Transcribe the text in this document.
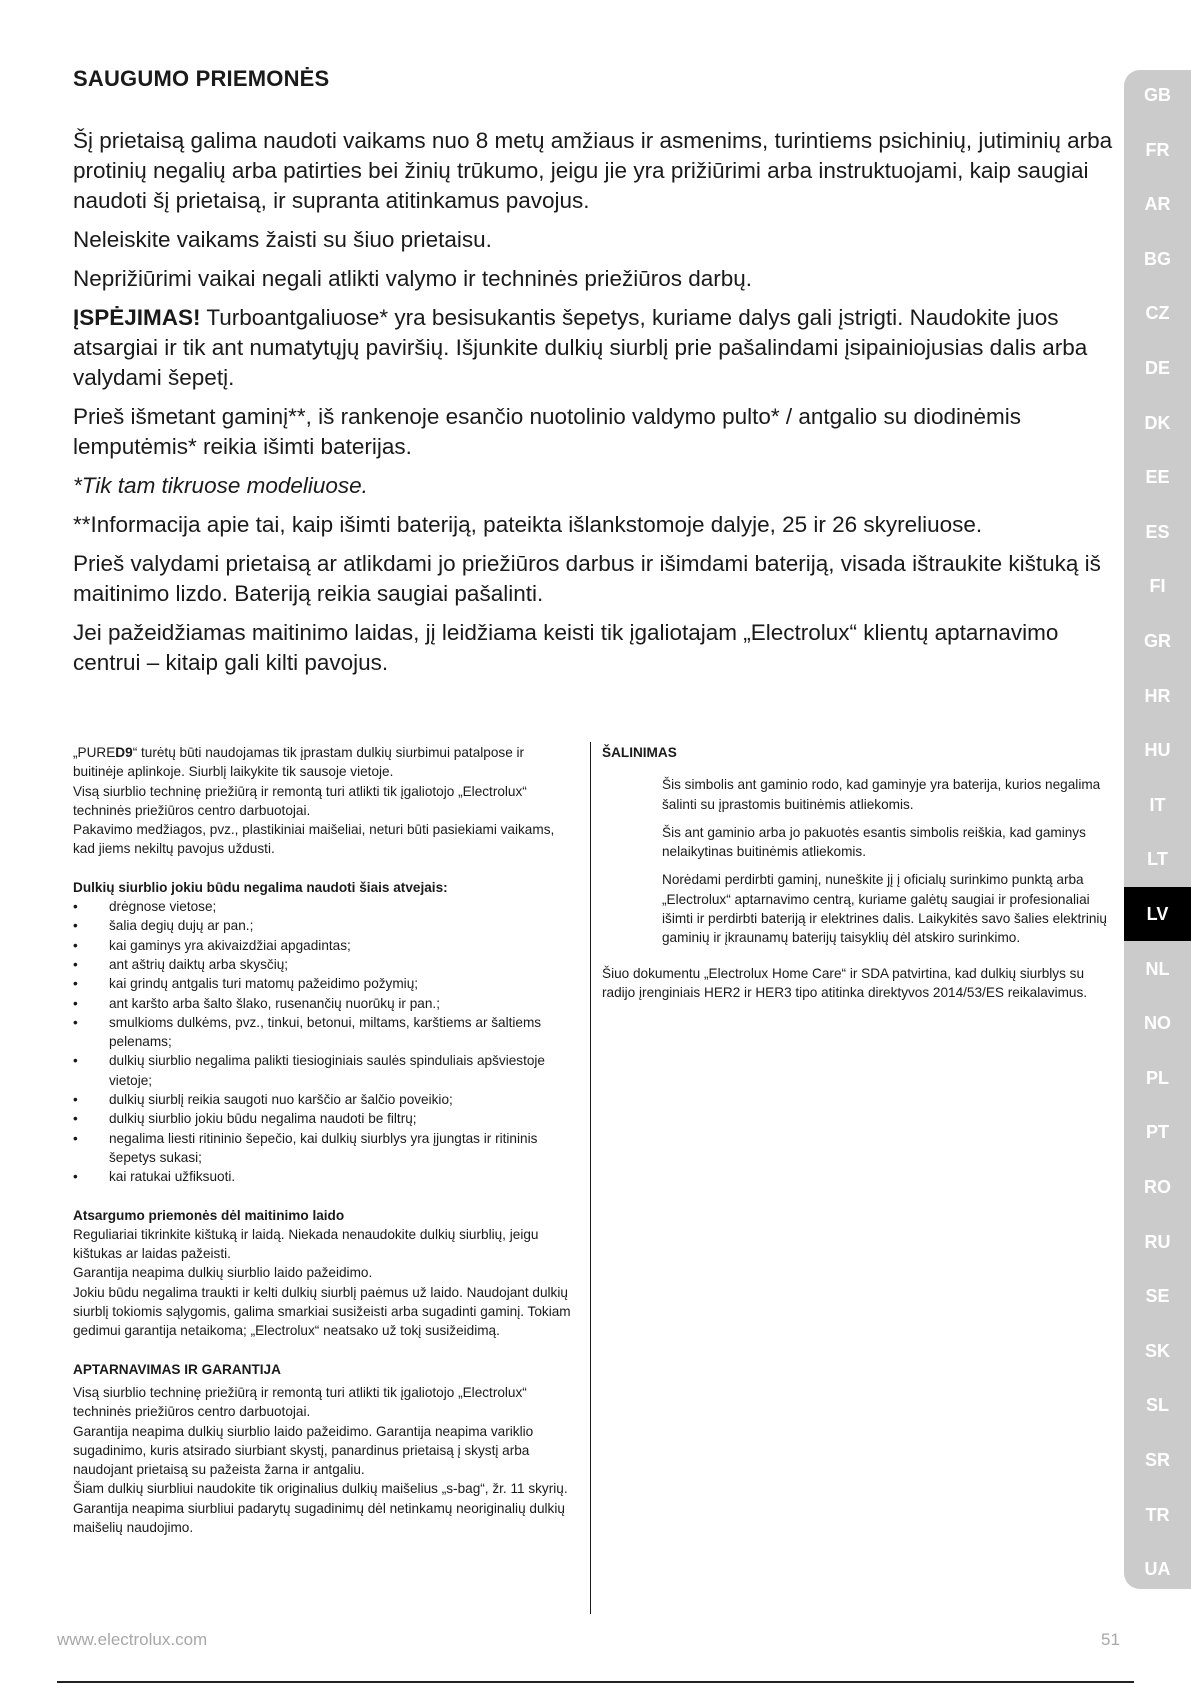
SAUGUMO PRIEMONĖS

Šį prietaisą galima naudoti vaikams nuo 8 metų amžiaus ir asmenims, turintiems psichinių, jutiminių arba protinių negalių arba patirties bei žinių trūkumo, jeigu jie yra prižiūrimi arba instruktuojami, kaip saugiai naudoti šį prietaisą, ir supranta atitinkamus pavojus.

Neleiskite vaikams žaisti su šiuo prietaisu.

Neprižiūrimi vaikai negali atlikti valymo ir techninės priežiūros darbų.

ĮSPĖJIMAS! Turboantgaliuose* yra besisukantis šepetys, kuriame dalys gali įstrigti. Naudokite juos atsargiai ir tik ant numatytųjų paviršių. Išjunkite dulkių siurblį prie pašalindami įsipainiojusias dalis arba valydami šepetį.

Prieš išmetant gaminį**, iš rankenoje esančio nuotolinio valdymo pulto* / antgalio su diodinėmis lemputėmis* reikia išimti baterijas.

*Tik tam tikruose modeliuose.

**Informacija apie tai, kaip išimti bateriją, pateikta išlankstomoje dalyje, 25 ir 26 skyreliuose.

Prieš valydami prietaisą ar atlikdami jo priežiūros darbus ir išimdami bateriją, visada ištraukite kištuką iš maitinimo lizdo. Bateriją reikia saugiai pašalinti.

Jei pažeidžiamas maitinimo laidas, jį leidžiama keisti tik įgaliotajam „Electrolux“ klientų aptarnavimo centrui – kitaip gali kilti pavojus.

„PURED9“ turėtų būti naudojamas tik įprastam dulkių siurbimui patalpose ir buitinėje aplinkoje. Siurblį laikykite tik sausoje vietoje.

Visą siurblio techninę priežiūrą ir remontą turi atlikti tik įgaliotojo „Electrolux“ techninės priežiūros centro darbuotojai.

Pakavimo medžiagos, pvz., plastikiniai maišeliai, neturi būti pasiekiami vaikams, kad jiems nekiltų pavojus uždusti.

Dulkių siurblio jokiu būdu negalima naudoti šiais atvejais:

• drėgnose vietose;
• šalia degių dujų ar pan.;
• kai gaminys yra akivaizdžiai apgadintas;
• ant aštrių daiktų arba skysčių;
• kai grindų antgalis turi matomų pažeidimo požymių;
• ant karšto arba šalto šlako, rusenančių nuorūkų ir pan.;
• smulkioms dulkėms, pvz., tinkui, betonui, miltams, karštiems ar šaltiems pelenams;
• dulkių siurblio negalima palikti tiesioginiais saulės spinduliais apšviestoje vietoje;
• dulkių siurblį reikia saugoti nuo karščio ar šalčio poveikio;
• dulkių siurblio jokiu būdu negalima naudoti be filtrų;
• negalima liesti ritininio šepečio, kai dulkių siurblys yra įjungtas ir ritininis šepetys sukasi;
• kai ratukai užfiksuoti.

Atsargumo priemonės dėl maitinimo laido

Reguliariai tikrinkite kištuką ir laidą. Niekada nenaudokite dulkių siurblių, jeigu kištukas ar laidas pažeisti.

Garantija neapima dulkių siurblio laido pažeidimo.

Jokiu būdu negalima traukti ir kelti dulkių siurblį paėmus už laido. Naudojant dulkių siurblį tokiomis sąlygomis, galima smarkiai susižeisti arba sugadinti gaminį. Tokiam gedimui garantija netaikoma; „Electrolux“ neatsako už tokį susižeidimą.

APTARNAVIMAS IR GARANTIJA

Visą siurblio techninę priežiūrą ir remontą turi atlikti tik įgaliotojo „Electrolux“ techninės priežiūros centro darbuotojai.

Garantija neapima dulkių siurblio laido pažeidimo. Garantija neapima variklio sugadinimo, kuris atsirado siurbiant skystį, panardinus prietaisą į skystį arba naudojant prietaisą su pažeista žarna ir antgaliu.

Šiam dulkių siurbliui naudokite tik originalius dulkių maišelius „s-bag“, žr. 11 skyrių. Garantija neapima siurbliui padarytų sugadinimų dėl netinkamų neoriginalių dulkių maišelių naudojimo.

ŠALINIMAS

Šis simbolis ant gaminio rodo, kad gaminyje yra baterija, kurios negalima šalinti su įprastomis buitinėmis atliekomis.

Šis ant gaminio arba jo pakuotės esantis simbolis reiškia, kad gaminys nelaikytinas buitinėmis atliekomis.

Norėdami perdirbti gaminį, nuneškite jį į oficialų surinkimo punktą arba „Electrolux“ aptarnavimo centrą, kuriame galėtų saugiai ir profesionaliai išimti ir perdirbti bateriją ir elektrines dalis. Laikykitės savo šalies elektrinių gaminių ir įkraunamų baterijų taisyklių dėl atskiro surinkimo.

Šiuo dokumentu „Electrolux Home Care“ ir SDA patvirtina, kad dulkių siurblys su radijo įrenginiais HER2 ir HER3 tipo atitinka direktyvos 2014/53/ES reikalavimus.

GB
FR
AR
BG
CZ
DE
DK
EE
ES
FI
GR
HR
HU
IT
LT
LV
NL
NO
PL
PT
RO
RU
SE
SK
SL
SR
TR
UA
www.electrolux.com	51
